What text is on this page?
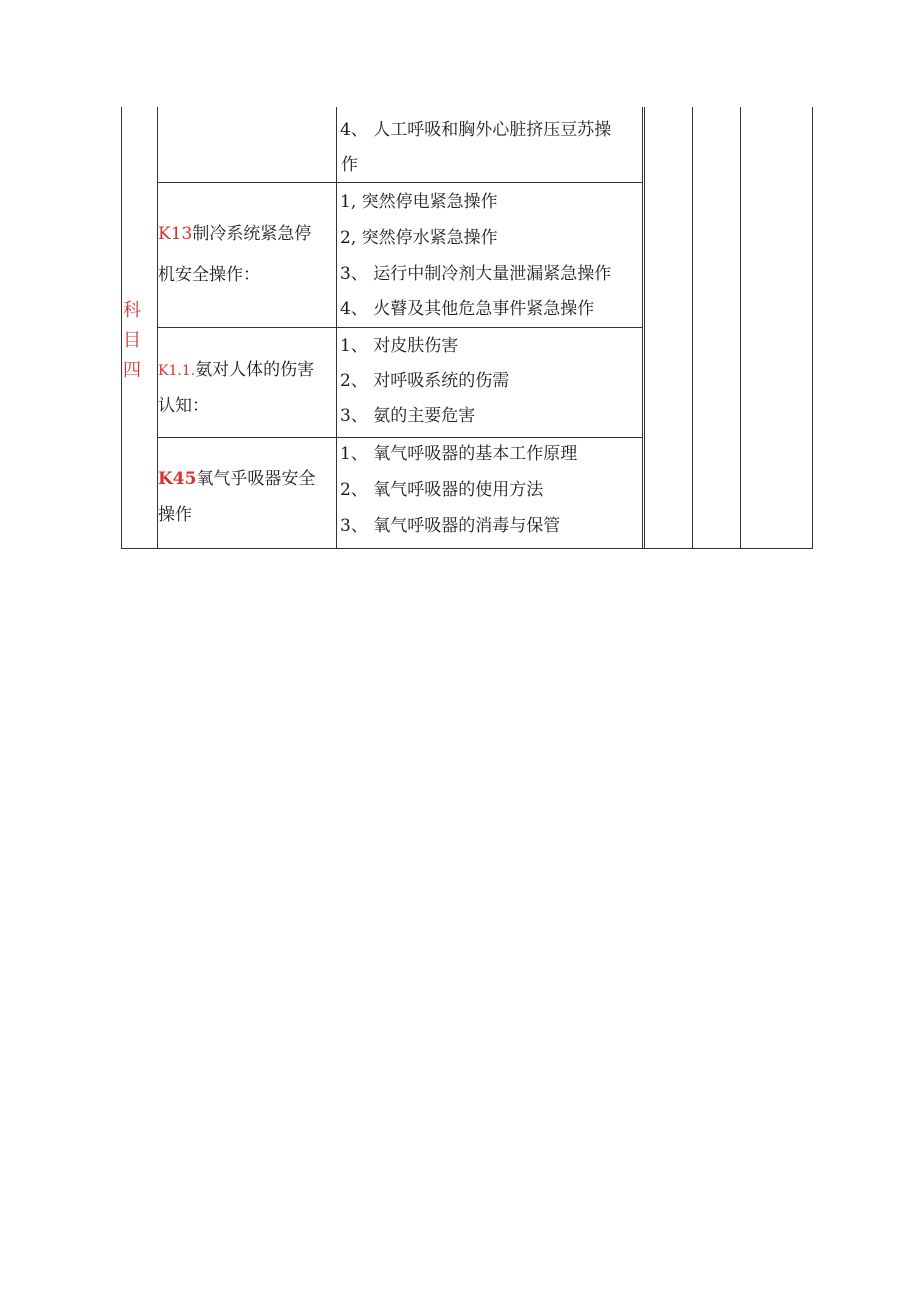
科
目
四
4、 人工呼吸和胸外心脏挤压豆苏操
作
K13制冷系统紧急停
机安全操作：
1, 突然停电紧急操作
2, 突然停水紧急操作
3、 运行中制冷剂大量泄漏紧急操作
4、 火瞽及其他危急事件紧急操作
K1.1.氨对人体的伤害
认知：
1、 对皮肤伤害
2、 对呼吸系统的伤需
3、 氨的主要危害
K45氧气乎吸器安全
操作
1、 氧气呼吸器的基本工作原理
2、 氧气呼吸器的使用方法
3、 氧气呼吸器的消毒与保管
